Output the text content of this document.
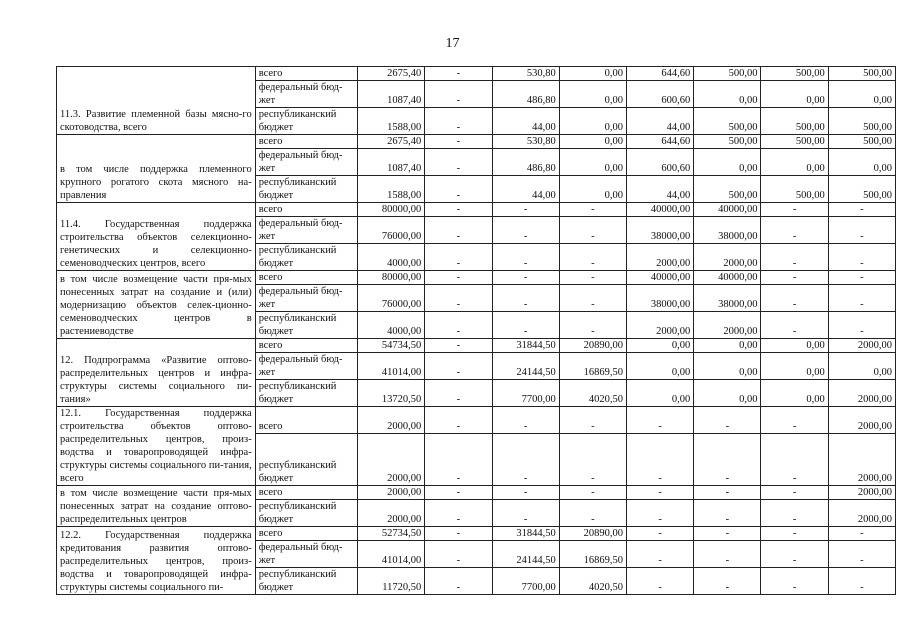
17
11.3. Развитие племенной базы мясно-го скотоводства, всего	всего	2675,40	-	530,80	0,00	644,60	500,00	500,00	500,00
	федеральный бюд-жет	1087,40	-	486,80	0,00	600,60	0,00	0,00	0,00
	республиканский бюджет	1588,00	-	44,00	0,00	44,00	500,00	500,00	500,00
в том числе поддержка племенного крупного рогатого скота мясного на-правления	всего	2675,40	-	530,80	0,00	644,60	500,00	500,00	500,00
	федеральный бюд-жет	1087,40	-	486,80	0,00	600,60	0,00	0,00	0,00
	республиканский бюджет	1588,00	-	44,00	0,00	44,00	500,00	500,00	500,00
11.4. Государственная поддержка строительства объектов селекционно-генетических и селекционно-семеноводческих центров, всего	всего	80000,00	-	-	-	40000,00	40000,00	-	-
	федеральный бюд-жет	76000,00	-	-	-	38000,00	38000,00	-	-
	республиканский бюджет	4000,00	-	-	-	2000,00	2000,00	-	-
в том числе возмещение части пря-мых понесенных затрат на создание и (или) модернизацию объектов селек-ционно-семеноводческих центров в растениеводстве	всего	80000,00	-	-	-	40000,00	40000,00	-	-
	федеральный бюд-жет	76000,00	-	-	-	38000,00	38000,00	-	-
	республиканский бюджет	4000,00	-	-	-	2000,00	2000,00	-	-
12. Подпрограмма «Развитие оптово-распределительных центров и инфра-структуры системы социального пи-тания»	всего	54734,50	-	31844,50	20890,00	0,00	0,00	0,00	2000,00
	федеральный бюд-жет	41014,00	-	24144,50	16869,50	0,00	0,00	0,00	0,00
	республиканский бюджет	13720,50	-	7700,00	4020,50	0,00	0,00	0,00	2000,00
12.1. Государственная поддержка строительства объектов оптово-распределительных центров, произ-водства и товаропроводящей инфра-структуры системы социального пи-тания, всего	всего	2000,00	-	-	-	-	-	-	2000,00
	республиканский бюджет	2000,00	-	-	-	-	-	-	2000,00
в том числе возмещение части пря-мых понесенных затрат на создание оптово-распределительных центров	всего	2000,00	-	-	-	-	-	-	2000,00
	республиканский бюджет	2000,00	-	-	-	-	-	-	2000,00
12.2. Государственная поддержка кредитования развития оптово-распределительных центров, произ-водства и товаропроводящей инфра-структуры системы социального пи-	всего	52734,50	-	31844,50	20890,00	-	-	-	-
	федеральный бюд-жет	41014,00	-	24144,50	16869,50	-	-	-	-
	республиканский бюджет	11720,50	-	7700,00	4020,50	-	-	-	-
